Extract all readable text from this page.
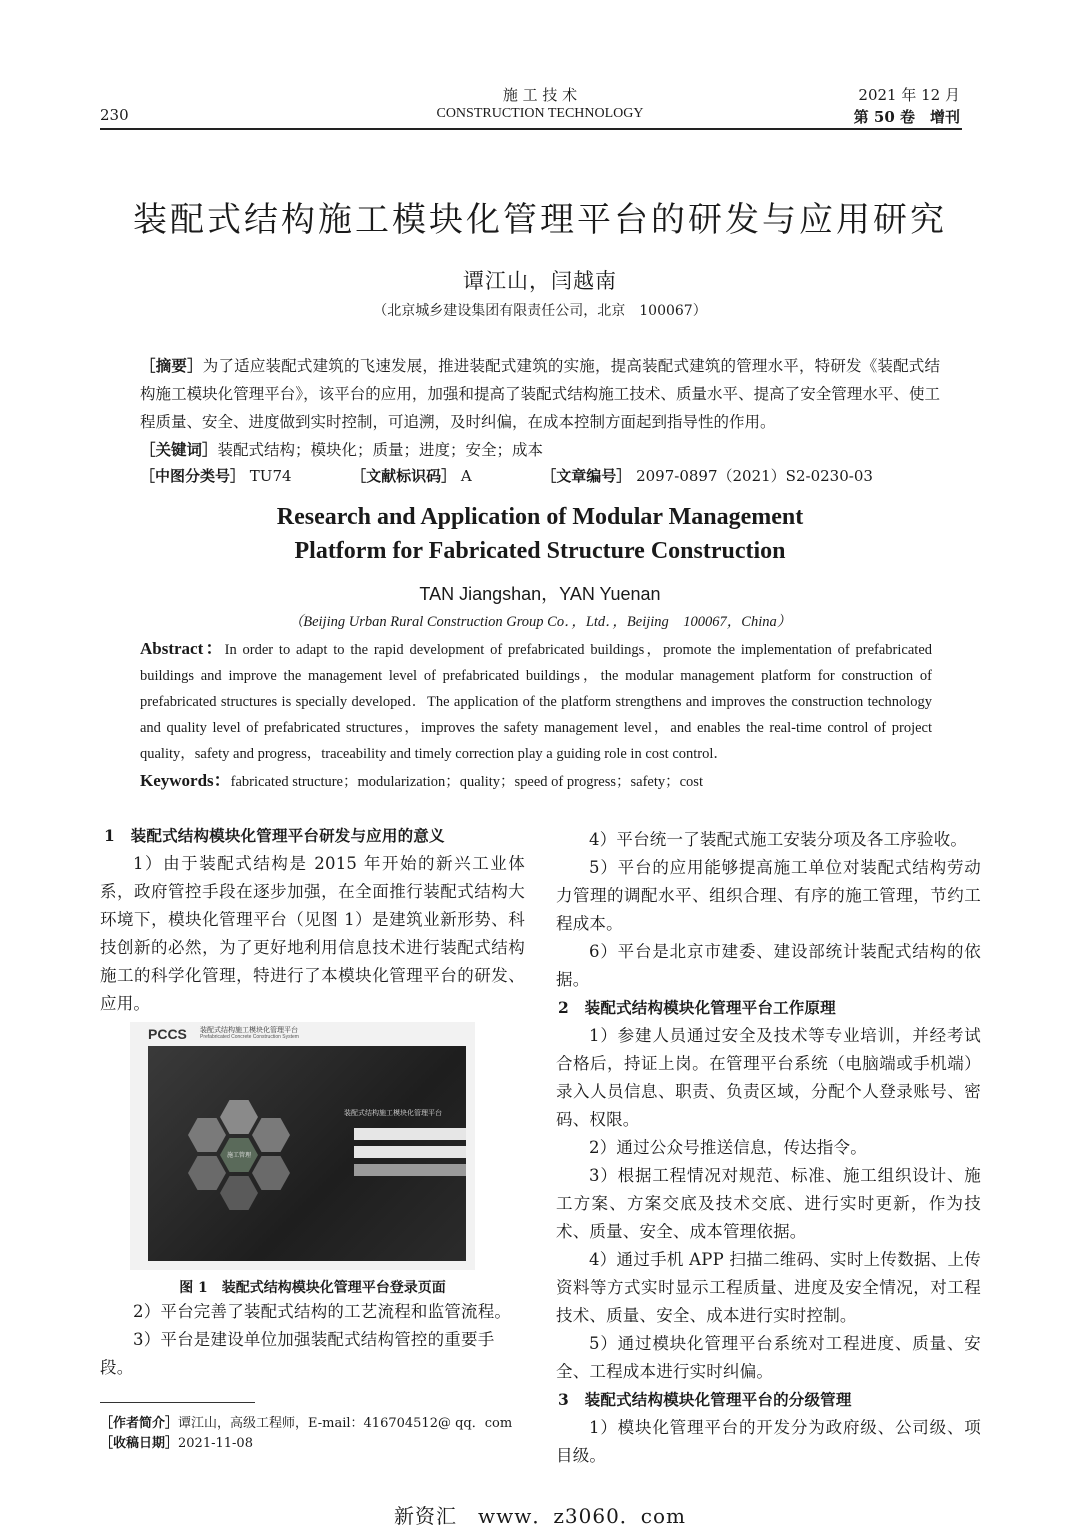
230
施 工 技 术
CONSTRUCTION TECHNOLOGY
2021 年 12 月
第 50 卷　增刊
装配式结构施工模块化管理平台的研发与应用研究
谭江山，闫越南
（北京城乡建设集团有限责任公司，北京　100067）
［摘要］为了适应装配式建筑的飞速发展，推进装配式建筑的实施，提高装配式建筑的管理水平，特研发《装配式结构施工模块化管理平台》，该平台的应用，加强和提高了装配式结构施工技术、质量水平、提高了安全管理水平、使工程质量、安全、进度做到实时控制，可追溯，及时纠偏，在成本控制方面起到指导性的作用。
［关键词］装配式结构；模块化；质量；进度；安全；成本
［中图分类号］ TU74	［文献标识码］ A	［文章编号］ 2097-0897（2021）S2-0230-03
Research and Application of Modular Management
Platform for Fabricated Structure Construction
TAN Jiangshan，YAN Yuenan
（Beijing Urban Rural Construction Group Co．，Ltd．，Beijing　100067，China）
Abstract：In order to adapt to the rapid development of prefabricated buildings，promote the implementation of prefabricated buildings and improve the management level of prefabricated buildings，the modular management platform for construction of prefabricated structures is specially developed．The application of the platform strengthens and improves the construction technology and quality level of prefabricated structures，improves the safety management level，and enables the real-time control of project quality，safety and progress，traceability and timely correction play a guiding role in cost control．
Keywords：fabricated structure；modularization；quality；speed of progress；safety；cost

1　装配式结构模块化管理平台研发与应用的意义

1）由于装配式结构是 2015 年开始的新兴工业体系，政府管控手段在逐步加强，在全面推行装配式结构大环境下，模块化管理平台（见图 1）是建筑业新形势、科技创新的必然，为了更好地利用信息技术进行装配式结构施工的科学化管理，特进行了本模块化管理平台的研发、应用。

PCCS 装配式结构施工模块化管理平台
Prefabricated Concrete Construction System
施工管理
装配式结构施工模块化管理平台
图 1　装配式结构模块化管理平台登录页面

2）平台完善了装配式结构的工艺流程和监管流程。

3）平台是建设单位加强装配式结构管控的重要手段。

［作者简介］谭江山，高级工程师，E-mail：416704512@ qq．com
［收稿日期］2021-11-08

4）平台统一了装配式施工安装分项及各工序验收。

5）平台的应用能够提高施工单位对装配式结构劳动力管理的调配水平、组织合理、有序的施工管理，节约工程成本。

6）平台是北京市建委、建设部统计装配式结构的依据。

2　装配式结构模块化管理平台工作原理

1）参建人员通过安全及技术等专业培训，并经考试合格后，持证上岗。在管理平台系统（电脑端或手机端）录入人员信息、职责、负责区域，分配个人登录账号、密码、权限。

2）通过公众号推送信息，传达指令。

3）根据工程情况对规范、标准、施工组织设计、施工方案、方案交底及技术交底、进行实时更新，作为技术、质量、安全、成本管理依据。

4）通过手机 APP 扫描二维码、实时上传数据、上传资料等方式实时显示工程质量、进度及安全情况，对工程技术、质量、安全、成本进行实时控制。

5）通过模块化管理平台系统对工程进度、质量、安全、工程成本进行实时纠偏。

3　装配式结构模块化管理平台的分级管理

1）模块化管理平台的开发分为政府级、公司级、项目级。

新资汇　www．z3060．com
